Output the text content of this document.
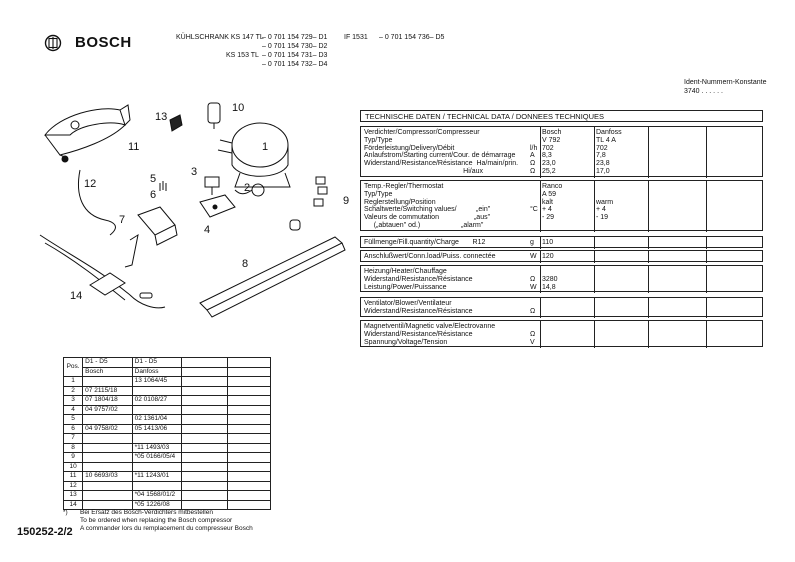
BOSCH	KÜHLSCHRANK KS 147 TL
– 0 701 154 729– D1 IF 1531 – 0 701 154 736– D5
– 0 701 154 730– D2
KS 153 TL – 0 701 154 731– D3
– 0 701 154 732– D4
Ident-Nummern-Konstante
3740 . . . . . .
1
2
3
4
5
6
7
8
9
10
11
12
13
14
TECHNISCHE DATEN / TECHNICAL DATA / DONNEES TECHNIQUES
Verdichter/Compressor/Compresseur	Bosch	Danfoss
Typ/Type	V 792	TL 4 A
Förderleistung/Delivery/Débit	l/h 702	702
Anlaufstrom/Starting current/Cour. de démarrage A 8,3	7,8
Widerstand/Resistance/Résistance  Ha/main/prin. Ω 23,0	23,8
Hi/aux	Ω 25,2	17,0
Temp.-Regler/Thermostat	Ranco
Typ/Type	A 59
Reglerstellung/Position	kalt	warm
Schaltwerte/Switching values/          „ein"	°C + 4	+ 4
Valeurs de commutation                  „aus"	- 29	- 19
(„abtauen" od.)                     „alarm"
Füllmenge/Fill.quantity/Charge       R12	g 110
Anschlußwert/Conn.load/Puiss. connectée	W 120
Heizung/Heater/Chauffage
Widerstand/Resistance/Résistance	Ω 3280
Leistung/Power/Puissance	W 14,8
Ventilator/Blower/Ventilateur
Widerstand/Resistance/Résistance	Ω
Magnetventil/Magnetic valve/Electrovanne
Widerstand/Resistance/Résistance	Ω
Spannung/Voltage/Tension	V
Pos.	D1 - D5	D1 - D5		
	Bosch	Danfoss		
1		13 1064/45		
2	07 2115/18			
3	07 1804/18	02 0108/27		
4	04 9757/02			
5		02 1361/04		
6	04 9758/02	05 1413/06		
7				
8		*11 1493/03		
9		*05 0166/05/4		
10				
11	10 6693/03	*11 1243/01		
12				
13		*04 1568/01/2		
14		*05 1226/08		
*) Bei Ersatz des Bosch-Verdichters mitbestellen
To be ordered when replacing the Bosch compressor
A commander lors du remplacement du compresseur Bosch
150252-2/2
